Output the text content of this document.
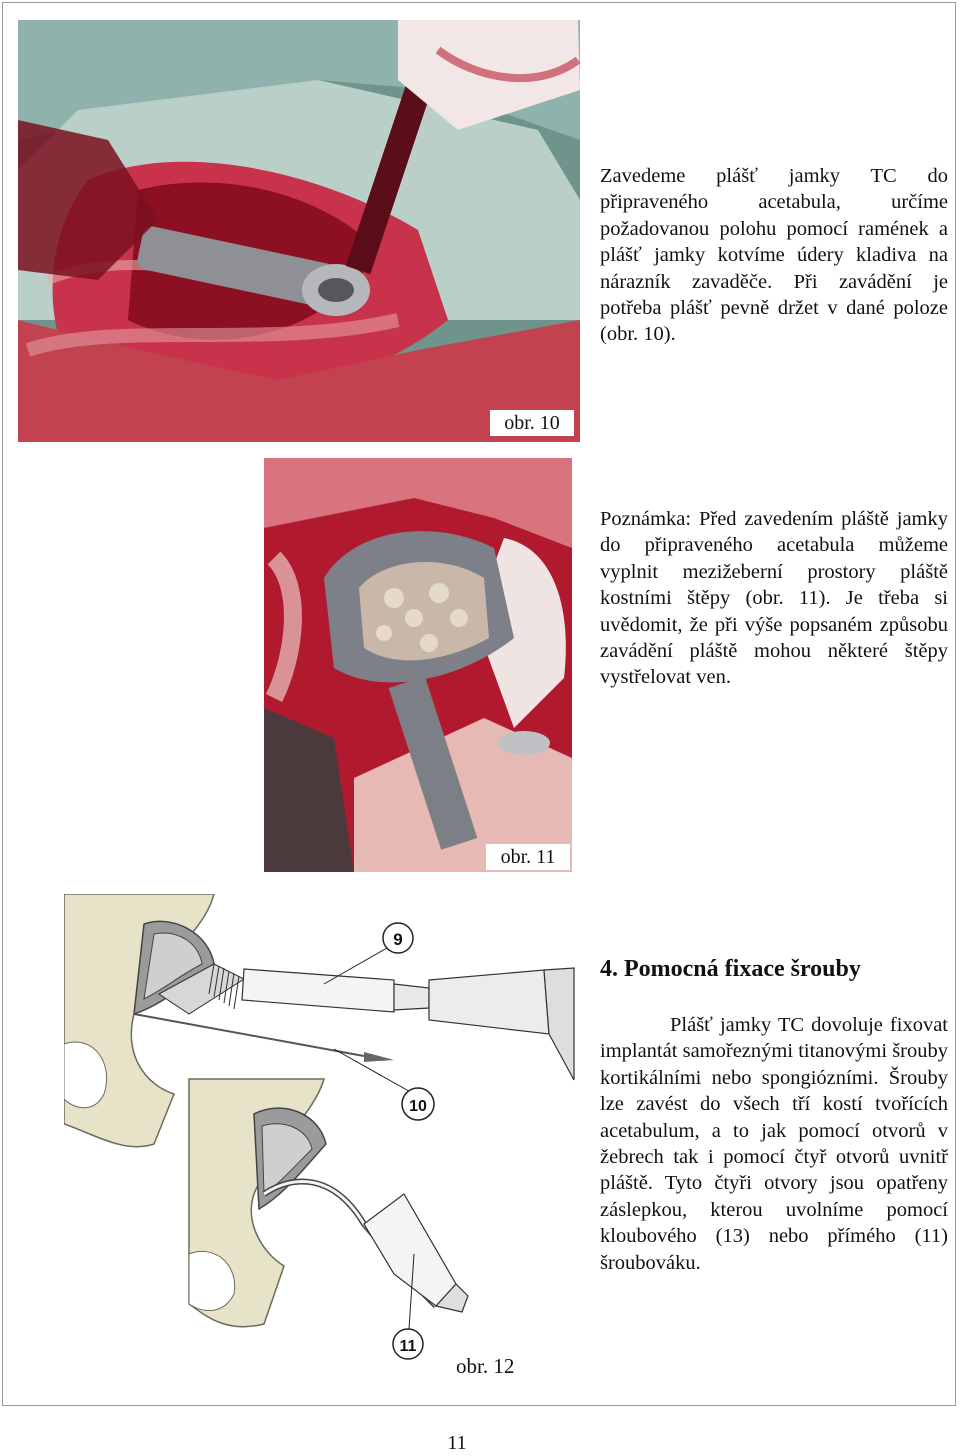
obr. 10

Zavedeme plášť jamky TC do připraveného acetabula, určíme požadovanou polohu pomocí ramének a plášť jamky kotvíme údery kladiva na nárazník zavaděče. Při zavádění je potřeba plášť pevně držet v dané poloze (obr. 10).

obr. 11

Poznámka: Před zavedením pláště jamky do připraveného acetabula můžeme vyplnit mezižeberní prostory pláště kostními štěpy (obr. 11). Je třeba si uvědomit, že při výše popsaném způsobu zavádění pláště mohou některé štěpy vystřelovat ven.

9
10
11
4. Pomocná fixace šrouby

Plášť jamky TC dovoluje fixovat implantát samořeznými titanovými šrouby kortikálními nebo spongiózními. Šrouby lze zavést do všech tří kostí tvořících acetabulum, a to jak pomocí otvorů v žebrech tak i pomocí čtyř otvorů uvnitř pláště. Tyto čtyři otvory jsou opatřeny záslepkou, kterou uvolníme pomocí kloubového (13) nebo přímého (11) šroubováku.

obr. 12
11
